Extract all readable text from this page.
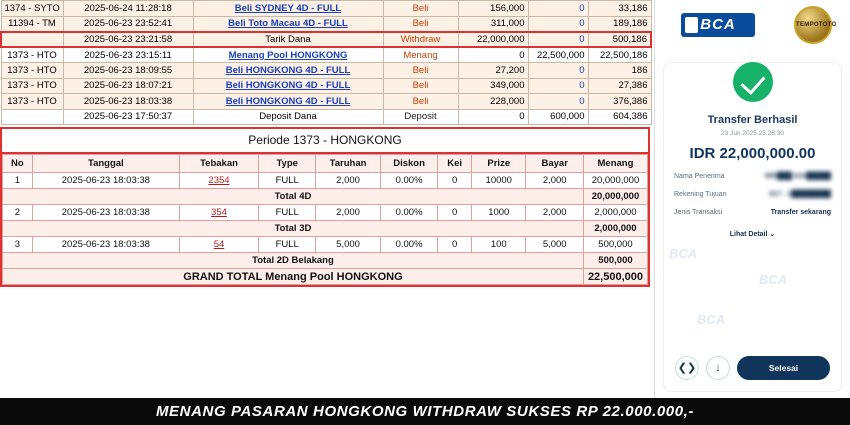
1374 - SYTO	2025-06-24 11:28:18	Beli SYDNEY 4D - FULL	Beli	156,000	0	33,186
11394 - TM	2025-06-23 23:52:41	Beli Toto Macau 4D - FULL	Beli	311,000	0	189,186
	2025-06-23 23:21:58	Tarik Dana	Withdraw	22,000,000	0	500,186
1373 - HTO	2025-06-23 23:15:11	Menang Pool HONGKONG	Menang	0	22,500,000	22,500,186
1373 - HTO	2025-06-23 18:09:55	Beli HONGKONG 4D - FULL	Beli	27,200	0	186
1373 - HTO	2025-06-23 18:07:21	Beli HONGKONG 4D - FULL	Beli	349,000	0	27,386
1373 - HTO	2025-06-23 18:03:38	Beli HONGKONG 4D - FULL	Beli	228,000	0	376,386
	2025-06-23 17:50:37	Deposit Dana	Deposit	0	600,000	604,386
Periode 1373 - HONGKONG
No	Tanggal	Tebakan	Type	Taruhan	Diskon	Kei	Prize	Bayar	Menang
1	2025-06-23 18:03:38	2354	FULL	2,000	0.00%	0	10000	2,000	20,000,000
Total 4D									20,000,000
2	2025-06-23 18:03:38	354	FULL	2,000	0.00%	0	1000	2,000	2,000,000
Total 3D									2,000,000
3	2025-06-23 18:03:38	54	FULL	5,000	0.00%	0	100	5,000	500,000
Total 2D Belakang									500,000
GRAND TOTAL Menang Pool HONGKONG									22,500,000
BCA	TEMPOTOTO
BCA
BCA
BCA
Transfer Berhasil
23 Jun 2025 23:26:30
IDR 22,000,000.00
Nama Penerima	BRI███ AGI█████
Rekening Tujuan	817 - 1████████
Jenis Transaksi	Transfer sekarang
Lihat Detail ⌄
❮❯	↓	Selesai
MENANG PASARAN HONGKONG WITHDRAW SUKSES RP 22.000.000,-
